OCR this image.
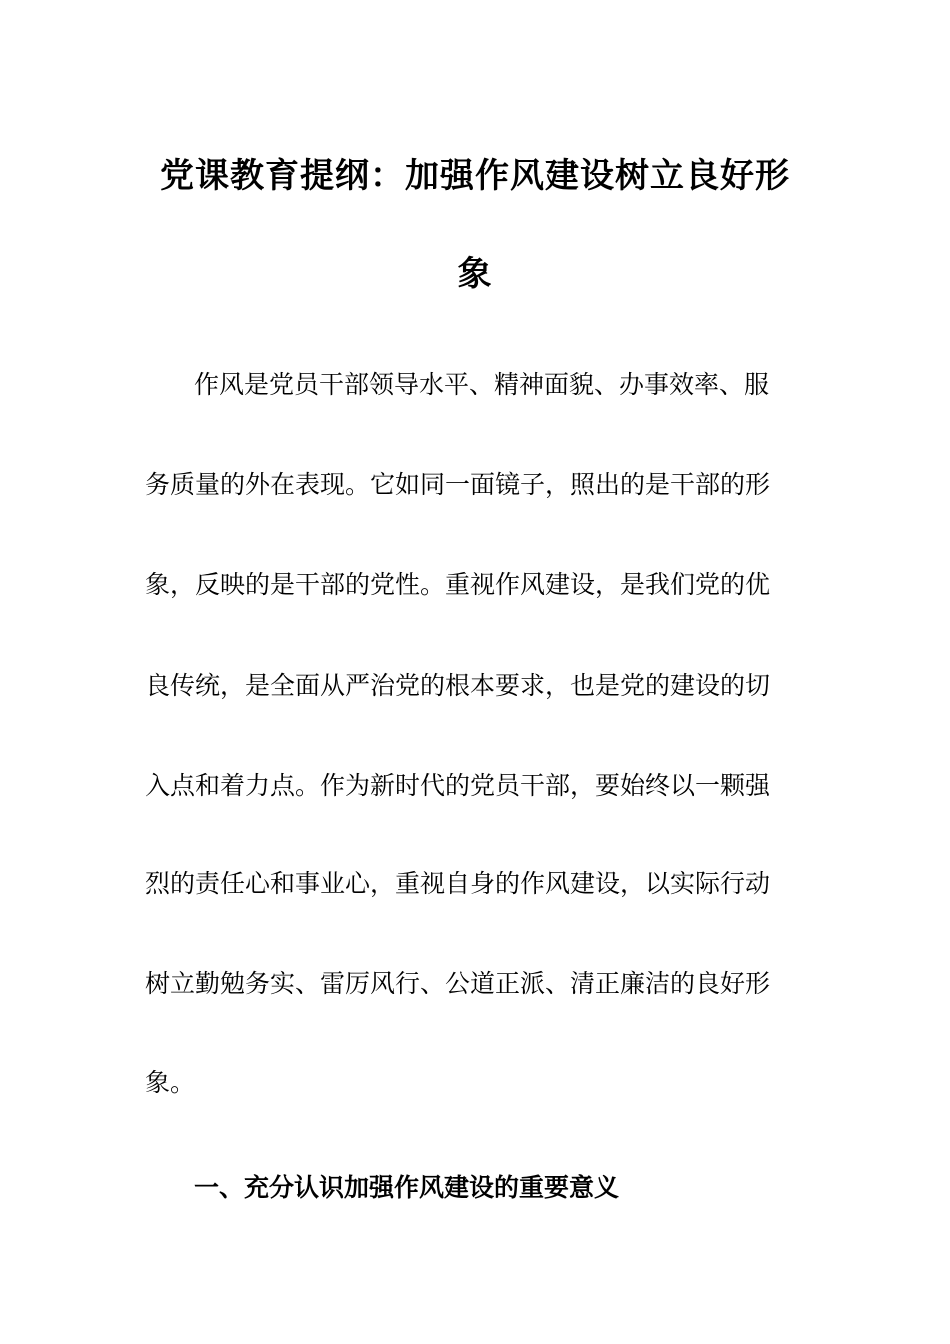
党课教育提纲：加强作风建设树立良好形
象
作风是党员干部领导水平、精神面貌、办事效率、服
务质量的外在表现。它如同一面镜子，照出的是干部的形
象，反映的是干部的党性。重视作风建设，是我们党的优
良传统，是全面从严治党的根本要求，也是党的建设的切
入点和着力点。作为新时代的党员干部，要始终以一颗强
烈的责任心和事业心，重视自身的作风建设，以实际行动
树立勤勉务实、雷厉风行、公道正派、清正廉洁的良好形
象。
一、充分认识加强作风建设的重要意义
